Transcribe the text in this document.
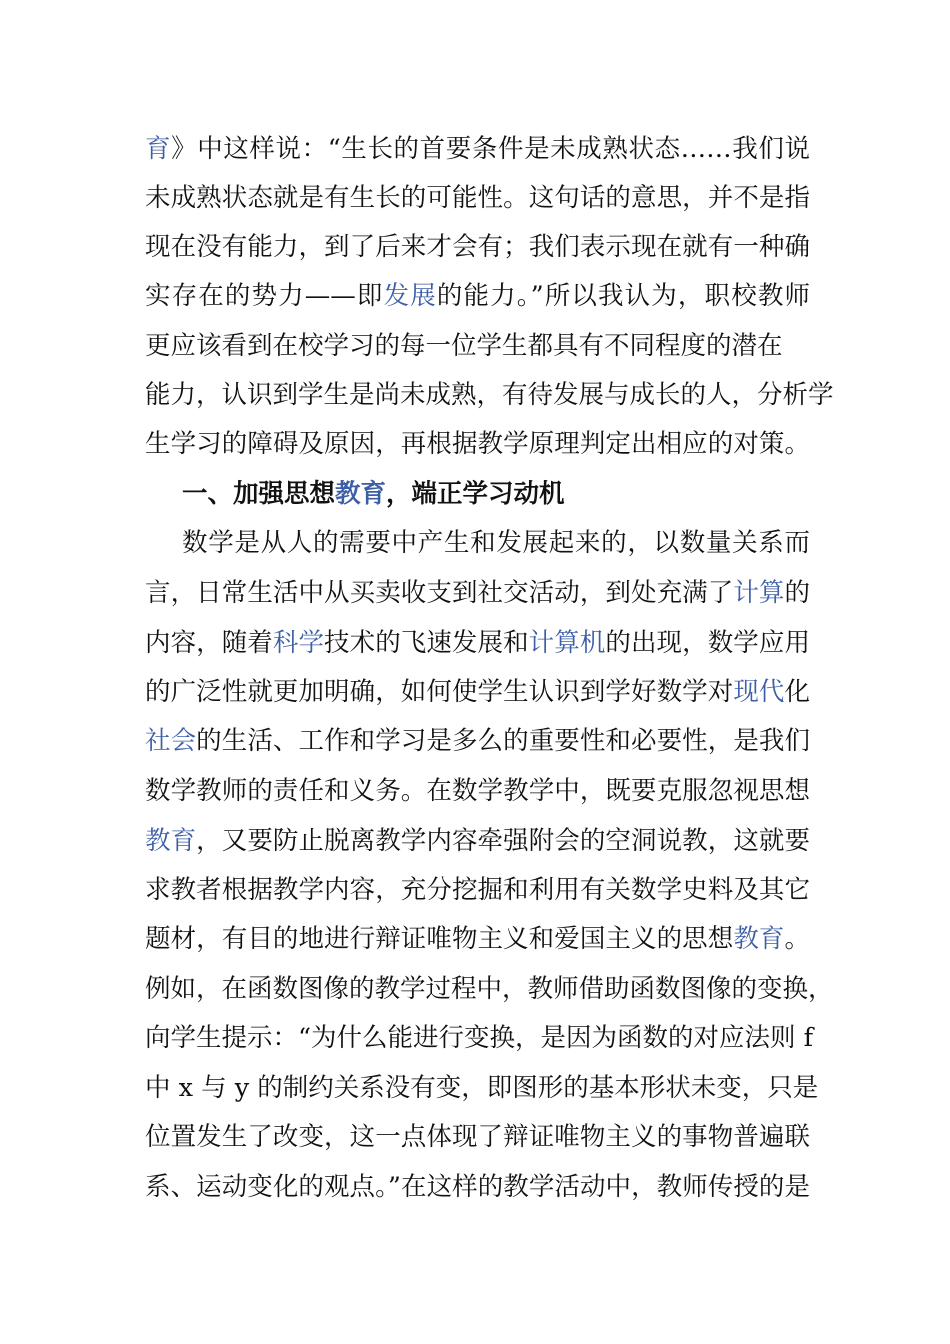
育》中这样说：“生长的首要条件是未成熟状态……我们说
未成熟状态就是有生长的可能性。这句话的意思，并不是指
现在没有能力，到了后来才会有；我们表示现在就有一种确
实存在的势力——即发展的能力。”所以我认为，职校教师
更应该看到在校学习的每一位学生都具有不同程度的潜在
能力，认识到学生是尚未成熟，有待发展与成长的人，分析学
生学习的障碍及原因，再根据教学原理判定出相应的对策。
一、加强思想教育，端正学习动机
数学是从人的需要中产生和发展起来的，以数量关系而
言，日常生活中从买卖收支到社交活动，到处充满了计算的
内容，随着科学技术的飞速发展和计算机的出现，数学应用
的广泛性就更加明确，如何使学生认识到学好数学对现代化
社会的生活、工作和学习是多么的重要性和必要性，是我们
数学教师的责任和义务。在数学教学中，既要克服忽视思想
教育，又要防止脱离教学内容牵强附会的空洞说教，这就要
求教者根据教学内容，充分挖掘和利用有关数学史料及其它
题材，有目的地进行辩证唯物主义和爱国主义的思想教育。
例如，在函数图像的教学过程中，教师借助函数图像的变换，
向学生提示：“为什么能进行变换，是因为函数的对应法则 f
中 x 与 y 的制约关系没有变，即图形的基本形状未变，只是
位置发生了改变，这一点体现了辩证唯物主义的事物普遍联
系、运动变化的观点。”在这样的教学活动中，教师传授的是
